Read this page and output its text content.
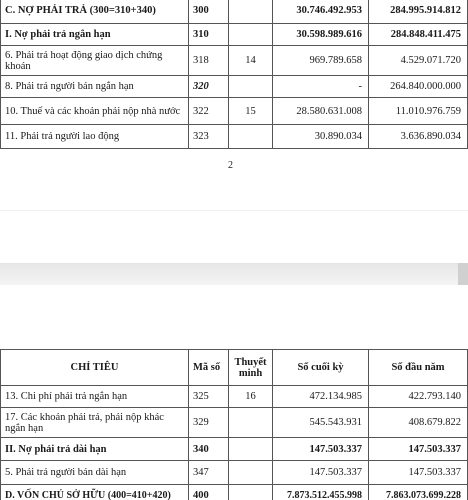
C. NỢ PHẢI TRẢ (300=310+340)	300		30.746.492.953	284.995.914.812
I. Nợ phải trả ngắn hạn	310		30.598.989.616	284.848.411.475
6. Phải trả hoạt động giao dịch chứng khoán	318	14	969.789.658	4.529.071.720
8. Phải trả người bán ngắn hạn	320		-	264.840.000.000
10. Thuế và các khoản phải nộp nhà nước	322	15	28.580.631.008	11.010.976.759
11. Phải trả người lao động	323		30.890.034	3.636.890.034
2
CHỈ TIÊU	Mã số	Thuyết minh	Số cuối kỳ	Số đầu năm
13. Chi phí phải trả ngắn hạn	325	16	472.134.985	422.793.140
17. Các khoản phải trả, phải nộp khác ngắn hạn	329		545.543.931	408.679.822
II. Nợ phải trả dài hạn	340		147.503.337	147.503.337
5. Phải trả người bán dài hạn	347		147.503.337	147.503.337
D. VỐN CHỦ SỞ HỮU (400=410+420)	400		7.873.512.455.998	7.863.073.699.228
